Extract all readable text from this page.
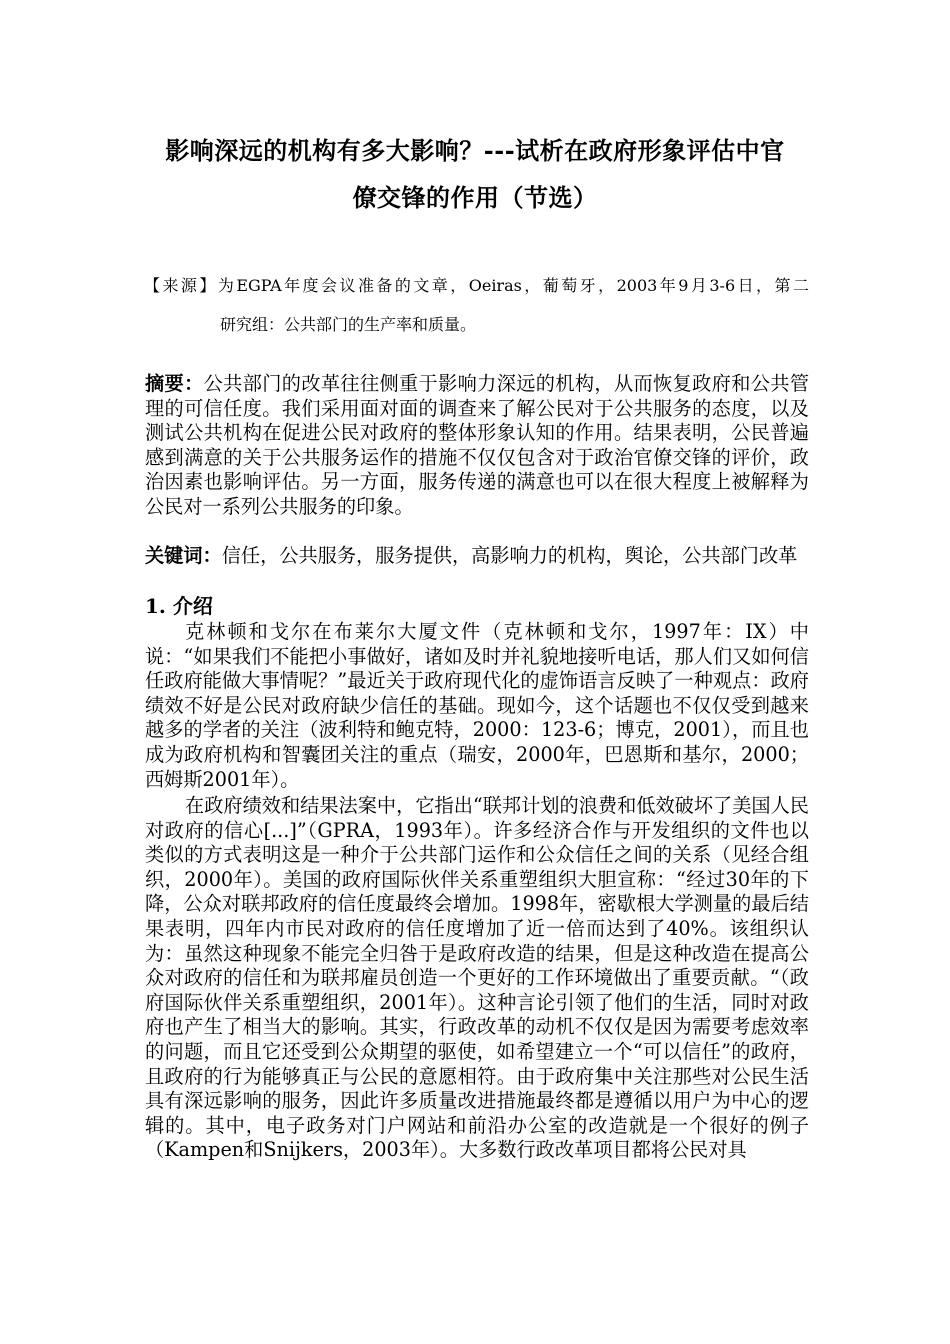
影响深远的机构有多大影响？---试析在政府形象评估中官
僚交锋的作用（节选）
【来源】为EGPA年度会议准备的文章，Oeiras，葡萄牙，2003年9月3-6日，第二
研究组：公共部门的生产率和质量。
摘要：公共部门的改革往往侧重于影响力深远的机构，从而恢复政府和公共管理的可信任度。我们采用面对面的调查来了解公民对于公共服务的态度，以及测试公共机构在促进公民对政府的整体形象认知的作用。结果表明，公民普遍感到满意的关于公共服务运作的措施不仅仅包含对于政治官僚交锋的评价，政治因素也影响评估。另一方面，服务传递的满意也可以在很大程度上被解释为公民对一系列公共服务的印象。
关键词：信任，公共服务，服务提供，高影响力的机构，舆论，公共部门改革
1. 介绍
克林顿和戈尔在布莱尔大厦文件（克林顿和戈尔，1997年：IX）中说：“如果我们不能把小事做好，诸如及时并礼貌地接听电话，那人们又如何信任政府能做大事情呢？”最近关于政府现代化的虚饰语言反映了一种观点：政府绩效不好是公民对政府缺少信任的基础。现如今，这个话题也不仅仅受到越来越多的学者的关注（波利特和鲍克特，2000：123-6；博克，2001），而且也成为政府机构和智囊团关注的重点（瑞安，2000年，巴恩斯和基尔，2000；西姆斯2001年）。
在政府绩效和结果法案中，它指出“联邦计划的浪费和低效破坏了美国人民对政府的信心[...]”（GPRA，1993年）。许多经济合作与开发组织的文件也以类似的方式表明这是一种介于公共部门运作和公众信任之间的关系（见经合组织，2000年）。美国的政府国际伙伴关系重塑组织大胆宣称：“经过30年的下降，公众对联邦政府的信任度最终会增加。1998年，密歇根大学测量的最后结果表明，四年内市民对政府的信任度增加了近一倍而达到了40%。该组织认为：虽然这种现象不能完全归咎于是政府改造的结果，但是这种改造在提高公众对政府的信任和为联邦雇员创造一个更好的工作环境做出了重要贡献。“（政府国际伙伴关系重塑组织，2001年）。这种言论引领了他们的生活，同时对政府也产生了相当大的影响。其实，行政改革的动机不仅仅是因为需要考虑效率的问题，而且它还受到公众期望的驱使，如希望建立一个“可以信任”的政府，且政府的行为能够真正与公民的意愿相符。由于政府集中关注那些对公民生活具有深远影响的服务，因此许多质量改进措施最终都是遵循以用户为中心的逻辑的。其中，电子政务对门户网站和前沿办公室的改造就是一个很好的例子（Kampen和Snijkers，2003年）。大多数行政改革项目都将公民对具
